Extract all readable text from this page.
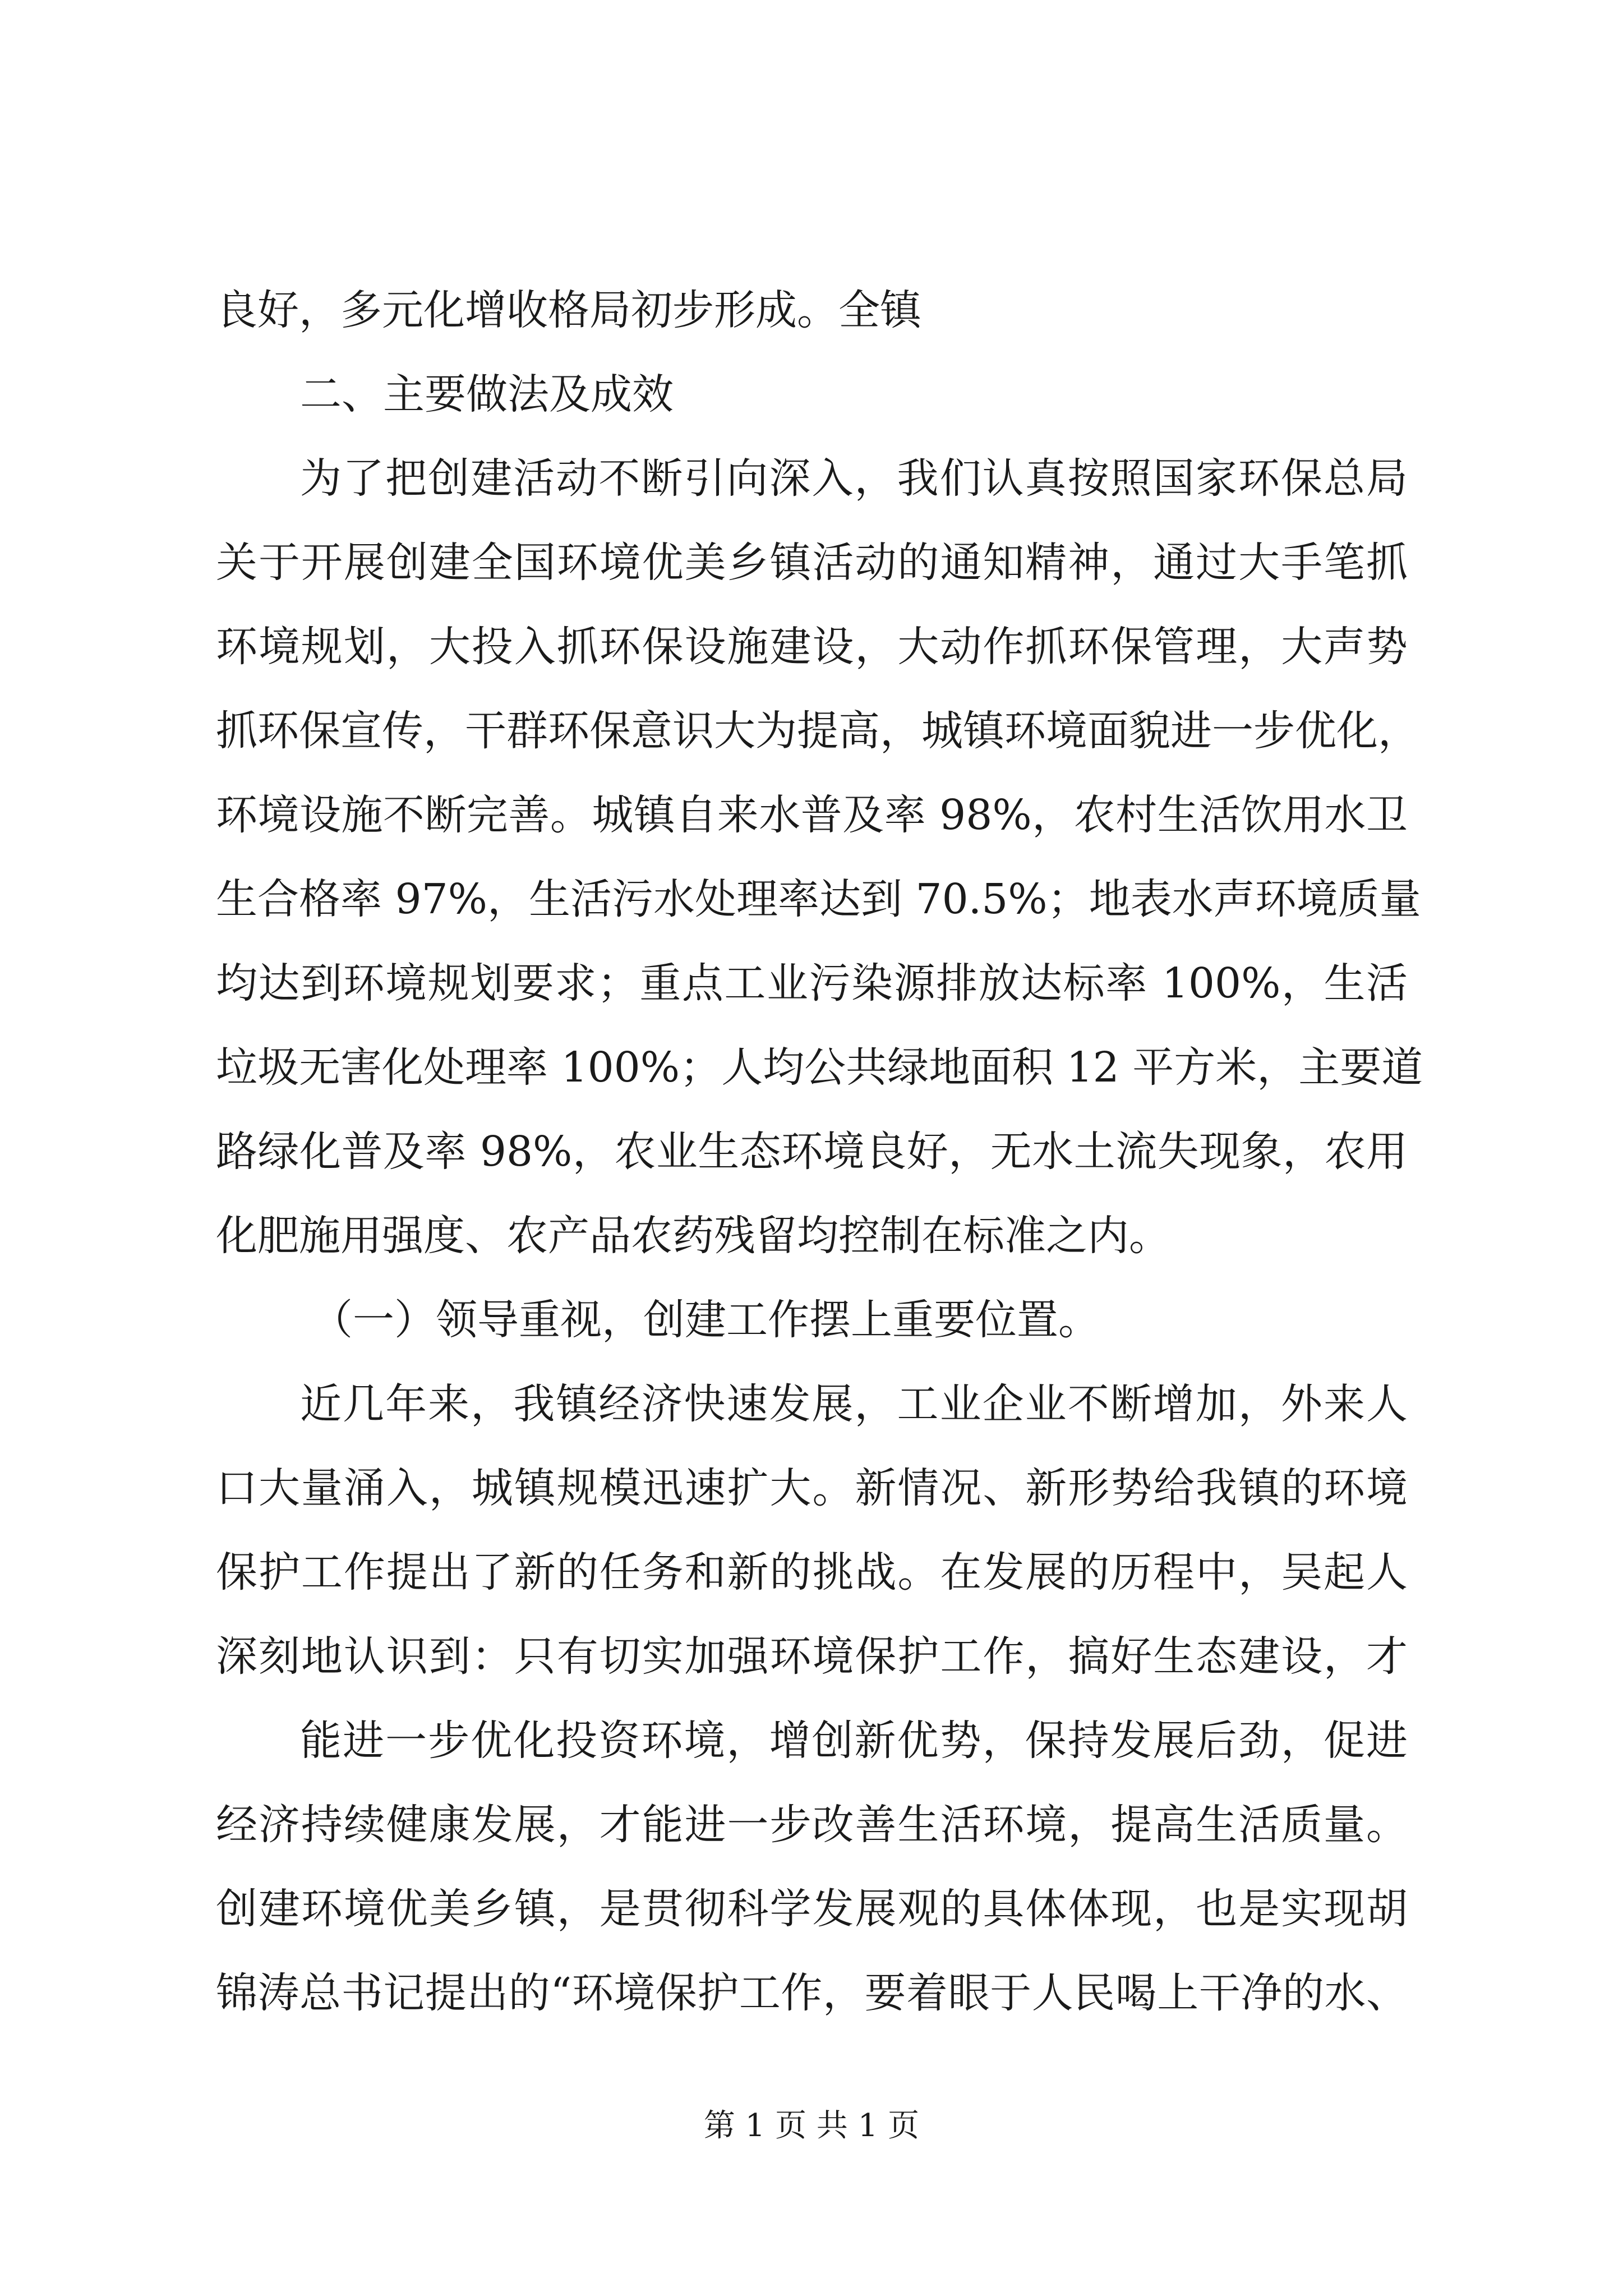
良好，多元化增收格局初步形成。全镇
二、主要做法及成效
为了把创建活动不断引向深入，我们认真按照国家环保总局
关于开展创建全国环境优美乡镇活动的通知精神，通过大手笔抓
环境规划，大投入抓环保设施建设，大动作抓环保管理，大声势
抓环保宣传，干群环保意识大为提高，城镇环境面貌进一步优化，
环境设施不断完善。城镇自来水普及率 98%，农村生活饮用水卫
生合格率 97%，生活污水处理率达到 70.5%；地表水声环境质量
均达到环境规划要求；重点工业污染源排放达标率 100%，生活
垃圾无害化处理率 100%；人均公共绿地面积 12 平方米，主要道
路绿化普及率 98%，农业生态环境良好，无水土流失现象，农用
化肥施用强度、农产品农药残留均控制在标准之内。
（一）领导重视，创建工作摆上重要位置。
近几年来，我镇经济快速发展，工业企业不断增加，外来人
口大量涌入，城镇规模迅速扩大。新情况、新形势给我镇的环境
保护工作提出了新的任务和新的挑战。在发展的历程中，吴起人
深刻地认识到：只有切实加强环境保护工作，搞好生态建设，才
能进一步优化投资环境，增创新优势，保持发展后劲，促进
经济持续健康发展，才能进一步改善生活环境，提高生活质量。
创建环境优美乡镇，是贯彻科学发展观的具体体现，也是实现胡
锦涛总书记提出的“环境保护工作，要着眼于人民喝上干净的水、
第 1 页 共 1 页
